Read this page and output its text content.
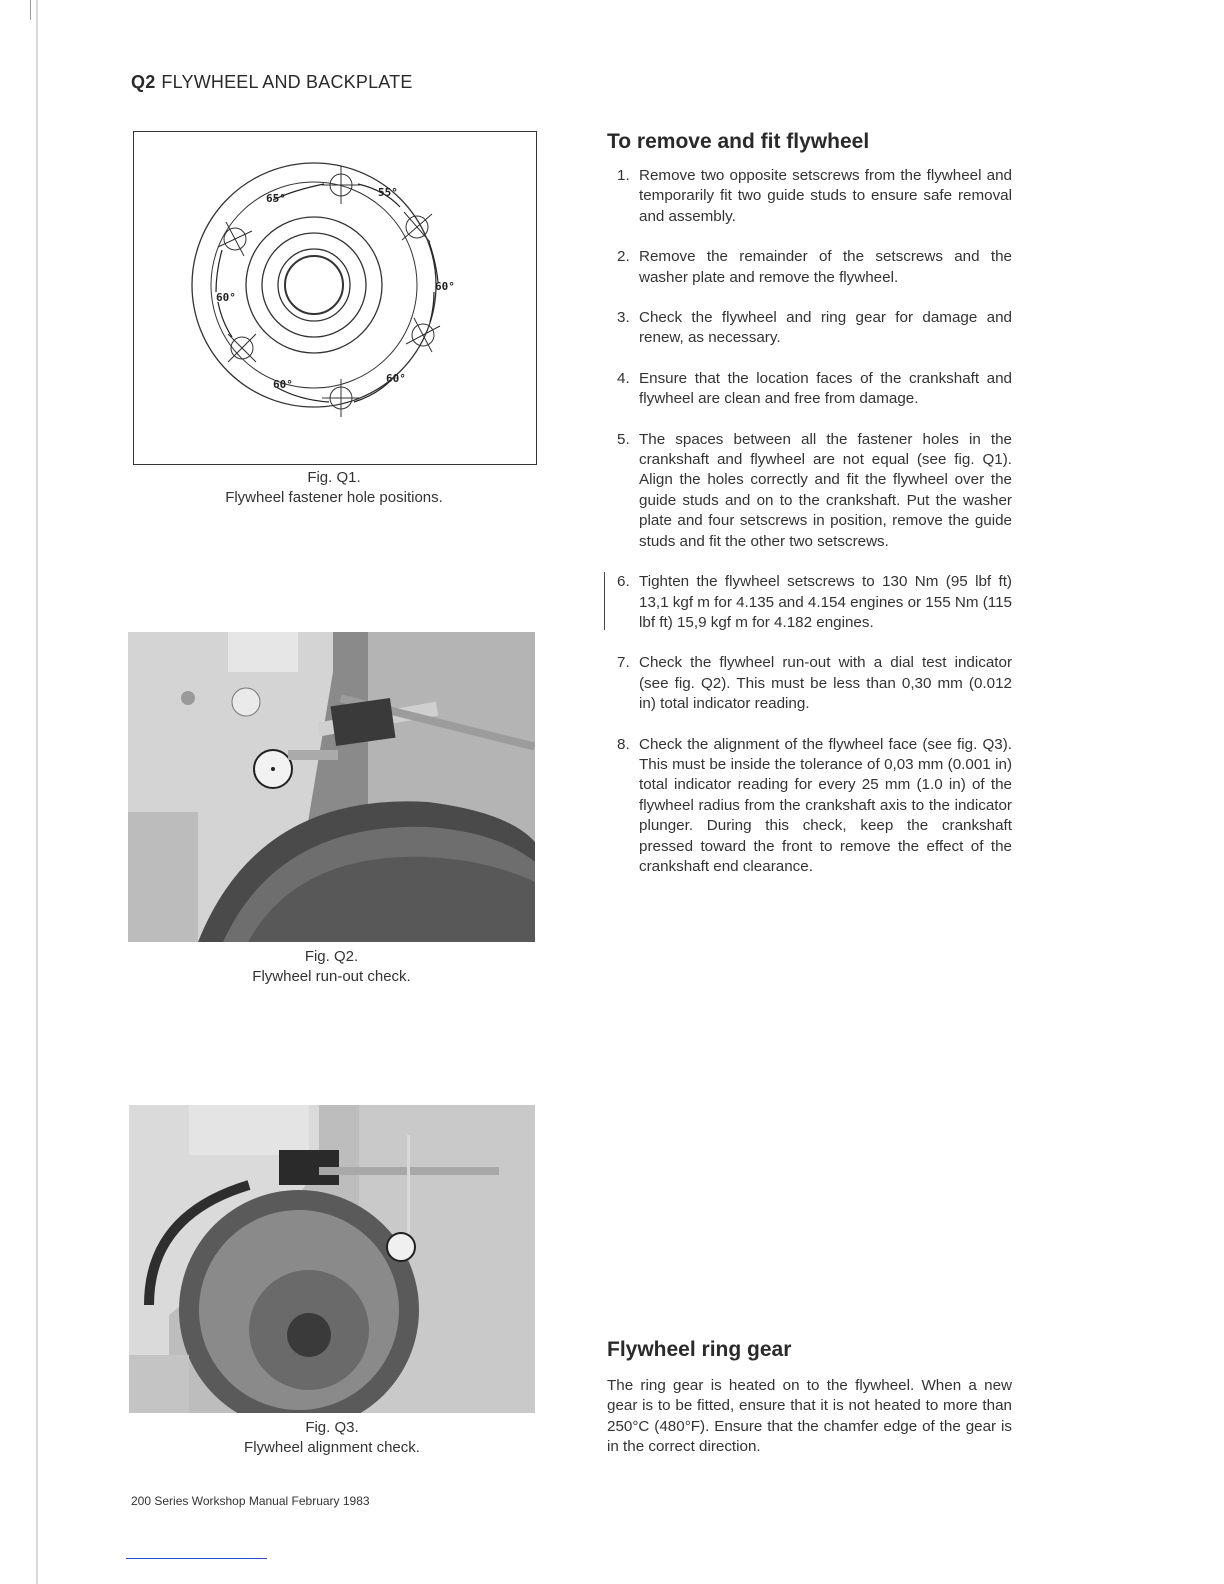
Q2 FLYWHEEL AND BACKPLATE
65°	55°
60°
60°
60°	60°
Fig. Q1.
Flywheel fastener hole positions.
Fig. Q2.
Flywheel run-out check.
Fig. Q3.
Flywheel alignment check.
To remove and fit flywheel
1. Remove two opposite setscrews from the flywheel and temporarily fit two guide studs to ensure safe removal and assembly.
2. Remove the remainder of the setscrews and the washer plate and remove the flywheel.
3. Check the flywheel and ring gear for damage and renew, as necessary.
4. Ensure that the location faces of the crankshaft and flywheel are clean and free from damage.
5. The spaces between all the fastener holes in the crankshaft and flywheel are not equal (see fig. Q1). Align the holes correctly and fit the flywheel over the guide studs and on to the crankshaft. Put the washer plate and four setscrews in position, remove the guide studs and fit the other two setscrews.
6. Tighten the flywheel setscrews to 130 Nm (95 lbf ft) 13,1 kgf m for 4.135 and 4.154 engines or 155 Nm (115 lbf ft) 15,9 kgf m for 4.182 engines.
7. Check the flywheel run-out with a dial test indicator (see fig. Q2). This must be less than 0,30 mm (0.012 in) total indicator reading.
8. Check the alignment of the flywheel face (see fig. Q3). This must be inside the tolerance of 0,03 mm (0.001 in) total indicator reading for every 25 mm (1.0 in) of the flywheel radius from the crankshaft axis to the indicator plunger. During this check, keep the crankshaft pressed toward the front to remove the effect of the crankshaft end clearance.
Flywheel ring gear

The ring gear is heated on to the flywheel. When a new gear is to be fitted, ensure that it is not heated to more than 250°C (480°F). Ensure that the chamfer edge of the gear is in the correct direction.

200 Series Workshop Manual February 1983
